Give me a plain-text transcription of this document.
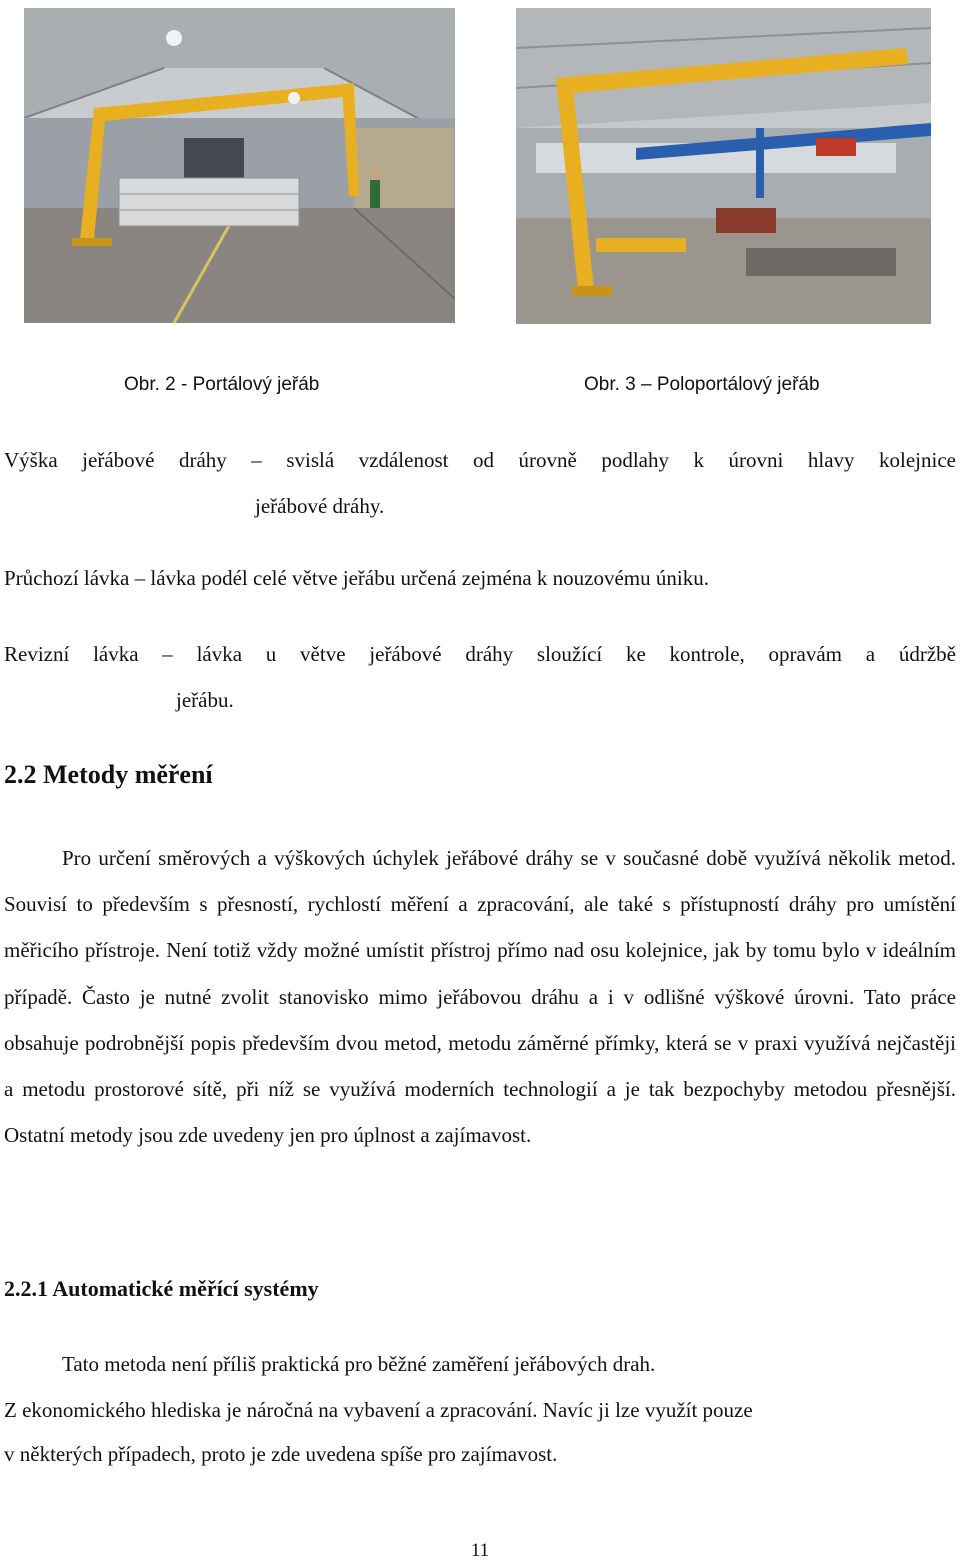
Obr. 2 - Portálový jeřáb	Obr. 3 – Poloportálový jeřáb

Výška jeřábové dráhy – svislá vzdálenost od úrovně podlahy k úrovni hlavy kolejnice

jeřábové dráhy.

Průchozí lávka – lávka podél celé větve jeřábu určená zejména k nouzovému úniku.

Revizní lávka – lávka u větve jeřábové dráhy sloužící ke kontrole, opravám a údržbě

jeřábu.

2.2 Metody měření

Pro určení směrových a výškových úchylek jeřábové dráhy se v současné době využívá několik metod. Souvisí to především s přesností, rychlostí měření a zpracování, ale také s přístupností dráhy pro umístění měřicího přístroje. Není totiž vždy možné umístit přístroj přímo nad osu kolejnice, jak by tomu bylo v ideálním případě. Často je nutné zvolit stanovisko mimo jeřábovou dráhu a i v odlišné výškové úrovni. Tato práce obsahuje podrobnější popis především dvou metod, metodu záměrné přímky, která se v praxi využívá nejčastěji a metodu prostorové sítě, při níž se využívá moderních technologií a je tak bezpochyby metodou přesnější. Ostatní metody jsou zde uvedeny jen pro úplnost a zajímavost.

2.2.1 Automatické měřící systémy

Tato metoda není příliš praktická pro běžné zaměření jeřábových drah.

Z ekonomického hlediska je náročná na vybavení a zpracování. Navíc ji lze využít pouze

v některých případech, proto je zde uvedena spíše pro zajímavost.

11
